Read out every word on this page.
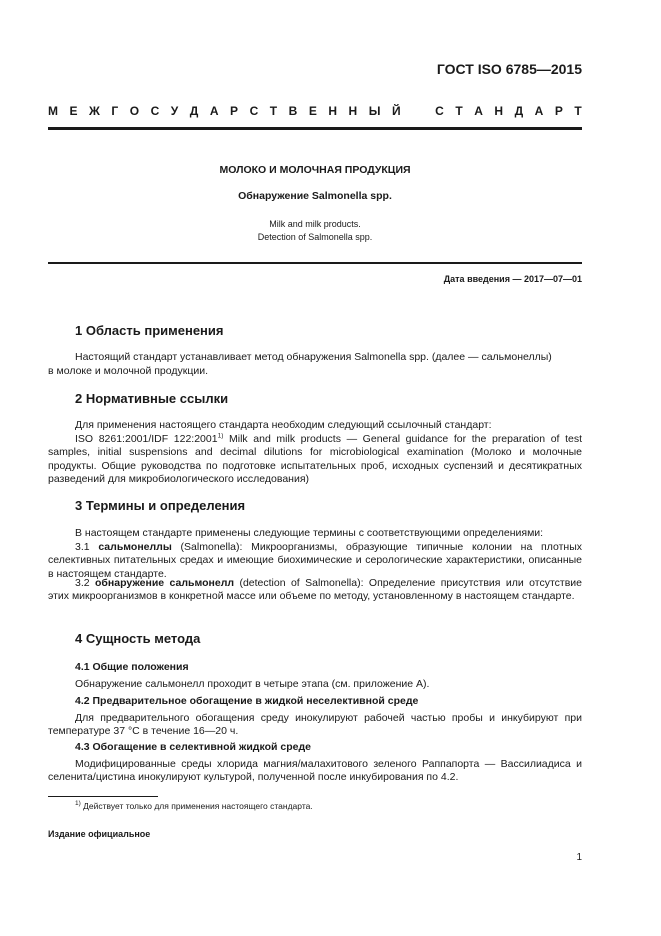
ГОСТ ISO 6785—2015
М Е Ж Г О С У Д А Р С Т В Е Н Н Ы Й	С Т А Н Д А Р Т
МОЛОКО И МОЛОЧНАЯ ПРОДУКЦИЯ
Обнаружение Salmonella spp.
Milk and milk products.
Detection of Salmonella spp.
Дата введения — 2017—07—01
1 Область применения
Настоящий стандарт устанавливает метод обнаружения Salmonella spp. (далее — сальмонеллы)
в молоке и молочной продукции.
2 Нормативные ссылки
Для применения настоящего стандарта необходим следующий ссылочный стандарт:
ISO 8261:2001/IDF 122:2001$^{1)}$ Milk and milk products — General guidance for the preparation of test samples, initial suspensions and decimal dilutions for microbiological examination (Молоко и молочные продукты. Общие руководства по подготовке испытательных проб, исходных суспензий и десятикратных разведений для микробиологического исследования)
3 Термины и определения
В настоящем стандарте применены следующие термины с соответствующими определениями:
3.1 сальмонеллы (Salmonella): Микроорганизмы, образующие типичные колонии на плотных селективных питательных средах и имеющие биохимические и серологические характеристики, описанные в настоящем стандарте.
3.2 обнаружение сальмонелл (detection of Salmonella): Определение присутствия или отсутствие этих микроорганизмов в конкретной массе или объеме по методу, установленному в настоящем стандарте.
4 Сущность метода
4.1 Общие положения
Обнаружение сальмонелл проходит в четыре этапа (см. приложение А).
4.2 Предварительное обогащение в жидкой неселективной среде
Для предварительного обогащения среду инокулируют рабочей частью пробы и инкубируют при температуре 37 °С в течение 16—20 ч.
4.3 Обогащение в селективной жидкой среде
Модифицированные среды хлорида магния/малахитового зеленого Раппапорта — Вассилиадиса и селенита/цистина инокулируют культурой, полученной после инкубирования по 4.2.
$^{1)}$ Действует только для применения настоящего стандарта.
Издание официальное
1
